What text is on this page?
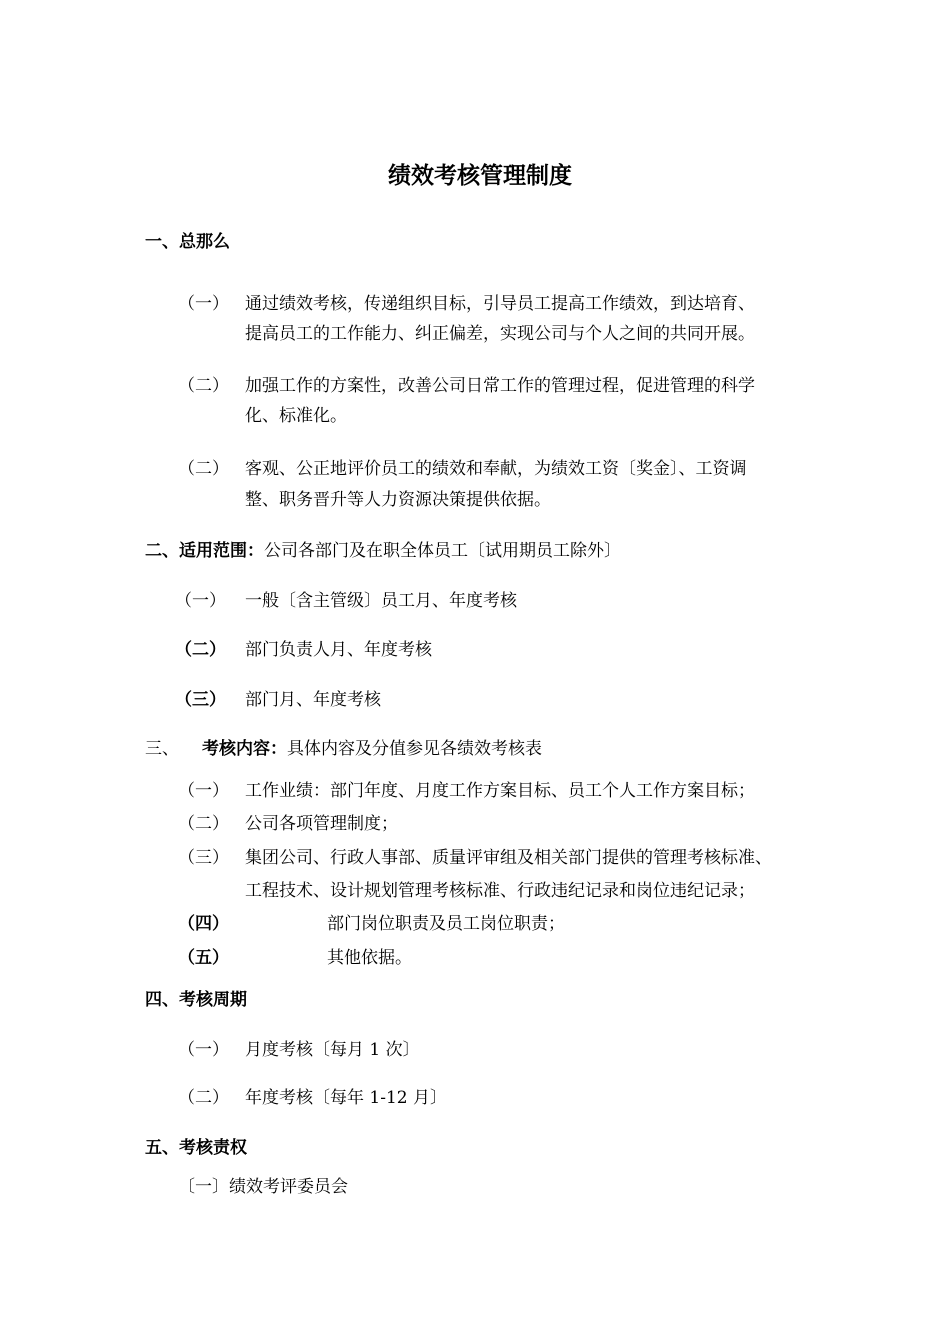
绩效考核管理制度
一、总那么
（一） 通过绩效考核，传递组织目标，引导员工提高工作绩效，到达培育、
提高员工的工作能力、纠正偏差，实现公司与个人之间的共同开展。
（二） 加强工作的方案性，改善公司日常工作的管理过程，促进管理的科学
化、标准化。
（二） 客观、公正地评价员工的绩效和奉献，为绩效工资〔奖金〕、工资调
整、职务晋升等人力资源决策提供依据。
二、适用范围：公司各部门及在职全体员工〔试用期员工除外〕
（一） 一般〔含主管级〕员工月、年度考核
（二） 部门负责人月、年度考核
（三） 部门月、年度考核
三、 考核内容：具体内容及分值参见各绩效考核表
（一） 工作业绩：部门年度、月度工作方案目标、员工个人工作方案目标；
（二） 公司各项管理制度；
（三） 集团公司、行政人事部、质量评审组及相关部门提供的管理考核标准、
工程技术、设计规划管理考核标准、行政违纪记录和岗位违纪记录；
（四）	部门岗位职责及员工岗位职责；
（五）	其他依据。
四、考核周期
（一） 月度考核〔每月 1 次〕
（二） 年度考核〔每年 1-12 月〕
五、考核责权
〔一〕绩效考评委员会
